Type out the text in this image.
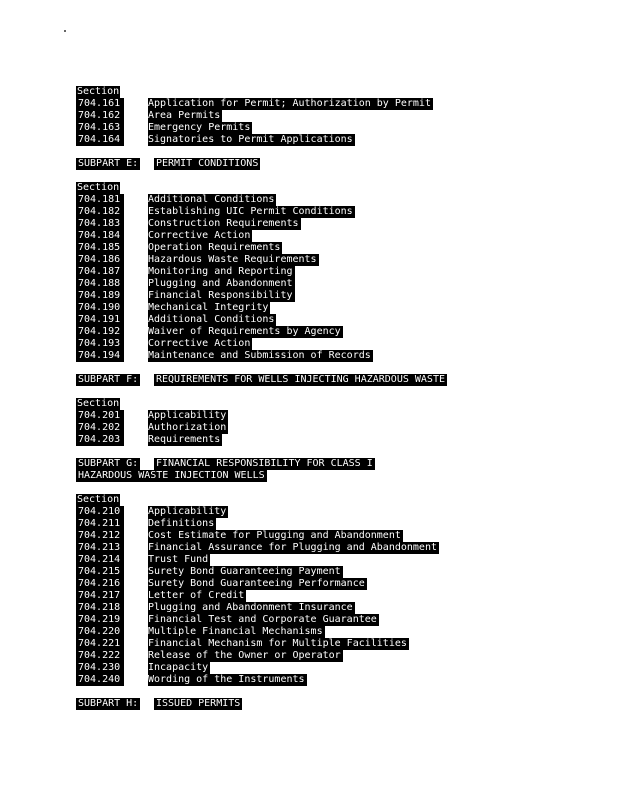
Section
704.161	Application for Permit; Authorization by Permit
704.162	Area Permits
704.163	Emergency Permits
704.164	Signatories to Permit Applications
SUBPART E: PERMIT CONDITIONS
Section
704.181	Additional Conditions
704.182	Establishing UIC Permit Conditions
704.183	Construction Requirements
704.184	Corrective Action
704.185	Operation Requirements
704.186	Hazardous Waste Requirements
704.187	Monitoring and Reporting
704.188	Plugging and Abandonment
704.189	Financial Responsibility
704.190	Mechanical Integrity
704.191	Additional Conditions
704.192	Waiver of Requirements by Agency
704.193	Corrective Action
704.194	Maintenance and Submission of Records
SUBPART F: REQUIREMENTS FOR WELLS INJECTING HAZARDOUS WASTE
Section
704.201	Applicability
704.202	Authorization
704.203	Requirements
SUBPART G: FINANCIAL RESPONSIBILITY FOR CLASS I
HAZARDOUS WASTE INJECTION WELLS
Section
704.210	Applicability
704.211	Definitions
704.212	Cost Estimate for Plugging and Abandonment
704.213	Financial Assurance for Plugging and Abandonment
704.214	Trust Fund
704.215	Surety Bond Guaranteeing Payment
704.216	Surety Bond Guaranteeing Performance
704.217	Letter of Credit
704.218	Plugging and Abandonment Insurance
704.219	Financial Test and Corporate Guarantee
704.220	Multiple Financial Mechanisms
704.221	Financial Mechanism for Multiple Facilities
704.222	Release of the Owner or Operator
704.230	Incapacity
704.240	Wording of the Instruments
SUBPART H: ISSUED PERMITS
